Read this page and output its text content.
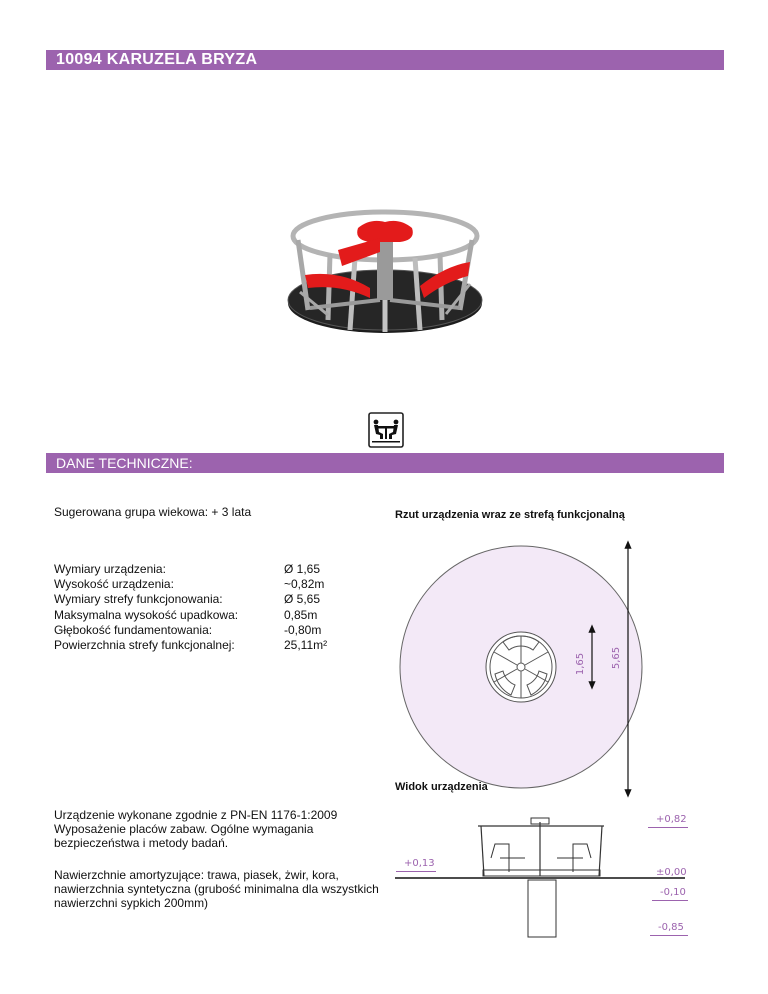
10094 KARUZELA BRYZA
DANE TECHNICZNE:
Sugerowana grupa wiekowa: + 3 lata
Wymiary urządzenia:
Wysokość urządzenia:
Wymiary strefy funkcjonowania:
Maksymalna wysokość upadkowa:
Głębokość fundamentowania:
Powierzchnia strefy funkcjonalnej:
Ø 1,65
~0,82m
Ø 5,65
0,85m
-0,80m
25,11m²
Rzut urządzenia wraz ze strefą funkcjonalną
1,65	5,65
Widok urządzenia
+0,82
+0,13
±0,00
-0,10
-0,85
Urządzenie wykonane zgodnie z PN-EN 1176-1:2009
Wyposażenie placów zabaw. Ogólne wymagania
bezpieczeństwa i metody badań.
Nawierzchnie amortyzujące: trawa, piasek, żwir, kora,
nawierzchnia syntetyczna (grubość minimalna dla wszystkich
nawierzchni sypkich 200mm)
